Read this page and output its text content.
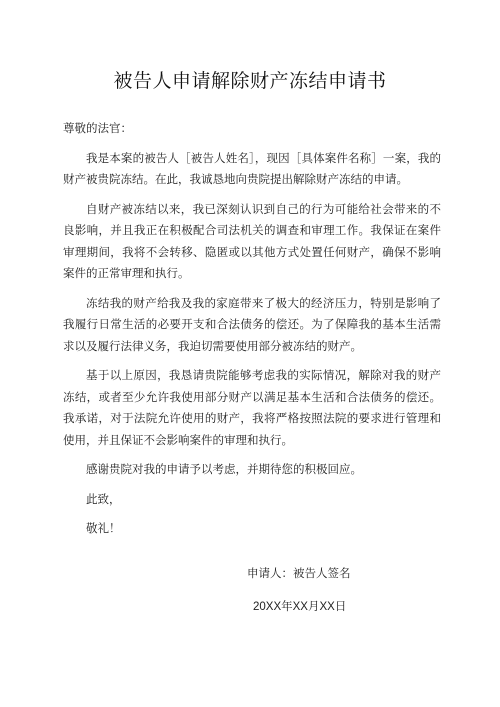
被告人申请解除财产冻结申请书

尊敬的法官：

我是本案的被告人［被告人姓名］，现因［具体案件名称］一案，我的财产被贵院冻结。在此，我诚恳地向贵院提出解除财产冻结的申请。

自财产被冻结以来，我已深刻认识到自己的行为可能给社会带来的不良影响，并且我正在积极配合司法机关的调查和审理工作。我保证在案件审理期间，我将不会转移、隐匿或以其他方式处置任何财产，确保不影响案件的正常审理和执行。

冻结我的财产给我及我的家庭带来了极大的经济压力，特别是影响了我履行日常生活的必要开支和合法债务的偿还。为了保障我的基本生活需求以及履行法律义务，我迫切需要使用部分被冻结的财产。

基于以上原因，我恳请贵院能够考虑我的实际情况，解除对我的财产冻结，或者至少允许我使用部分财产以满足基本生活和合法债务的偿还。我承诺，对于法院允许使用的财产，我将严格按照法院的要求进行管理和使用，并且保证不会影响案件的审理和执行。

感谢贵院对我的申请予以考虑，并期待您的积极回应。

此致，

敬礼！

申请人：被告人签名
20XX年XX月XX日
